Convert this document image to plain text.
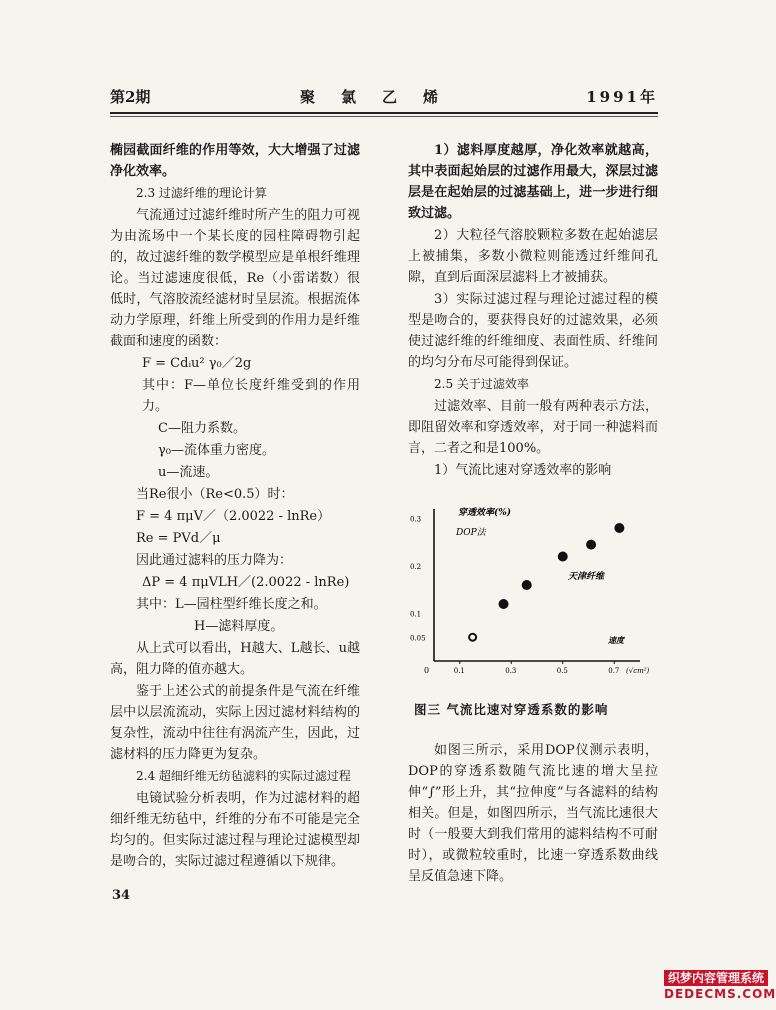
第2期	聚氯乙烯	1991年

椭园截面纤维的作用等效，大大增强了过滤净化效率。

2.3 过滤纤维的理论计算

气流通过过滤纤维时所产生的阻力可视为由流场中一个某长度的园柱障碍物引起的，故过滤纤维的数学模型应是单根纤维理论。当过滤速度很低，Re（小雷诺数）很低时，气溶胶流经滤材时呈层流。根据流体动力学原理，纤维上所受到的作用力是纤维截面和速度的函数：

F = Cdᵢu² γ₀／2g

其中：F—单位长度纤维受到的作用力。

C—阻力系数。

γ₀—流体重力密度。

u—流速。

当Re很小（Re<0.5）时：

F = 4 πμV／（2.0022 - lnRe）

Re = PVd／μ

因此通过滤料的压力降为：

ΔP = 4 πμVLH／(2.0022 - lnRe)

其中：L—园柱型纤维长度之和。

H—滤料厚度。

从上式可以看出，H越大、L越长、u越高，阻力降的值亦越大。

鉴于上述公式的前提条件是气流在纤维层中以层流流动，实际上因过滤材料结构的复杂性，流动中往往有涡流产生，因此，过滤材料的压力降更为复杂。

2.4 超细纤维无纺毡滤料的实际过滤过程

电镜试验分析表明，作为过滤材料的超细纤维无纺毡中，纤维的分布不可能是完全均匀的。但实际过滤过程与理论过滤模型却是吻合的，实际过滤过程遵循以下规律。

1）滤料厚度越厚，净化效率就越高，其中表面起始层的过滤作用最大，深层过滤层是在起始层的过滤基础上，进一步进行细致过滤。

2）大粒径气溶胶颗粒多数在起始滤层上被捕集，多数小微粒则能透过纤维间孔隙，直到后面深层滤料上才被捕获。

3）实际过滤过程与理论过滤过程的模型是吻合的，要获得良好的过滤效果，必须使过滤纤维的纤维细度、表面性质、纤维间的均匀分布尽可能得到保证。

2.5 关于过滤效率

过滤效率、目前一般有两种表示方法，即阻留效率和穿透效率，对于同一种滤料而言，二者之和是100%。

1）气流比速对穿透效率的影响

0.3
0.2
0.1
0.05
0.1	0.3	0.5	0.7
0	(√cm²)
穿透效率(%)
DOP法
天津纤维
速度
图三 气流比速对穿透系数的影响

如图三所示，采用DOP仪测示表明，DOP的穿透系数随气流比速的增大呈拉伸“∫”形上升，其“拉伸度”与各滤料的结构相关。但是，如图四所示，当气流比速很大时（一般要大到我们常用的滤料结构不可耐时），或微粒较重时，比速一穿透系数曲线呈反值急速下降。

34
织梦内容管理系统
DEDECMS.COM
